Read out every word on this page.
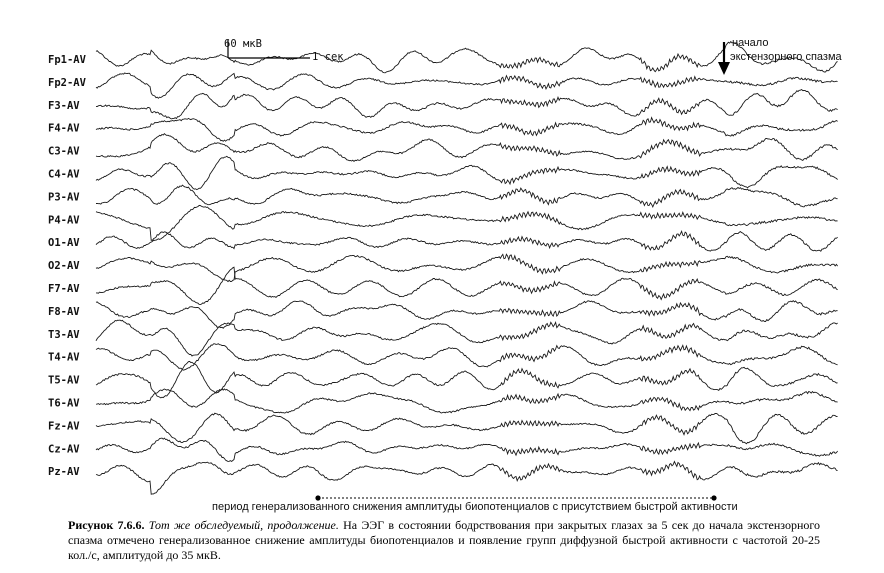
Fp1-AV
Fp2-AV
F3-AV
F4-AV
C3-AV
C4-AV
P3-AV
P4-AV
O1-AV
O2-AV
F7-AV
F8-AV
T3-AV
T4-AV
T5-AV
T6-AV
Fz-AV
Cz-AV
Pz-AV
60 мкВ
1 сек
начало
экстензорного спазма
период генерализованного снижения амплитуды биопотенциалов с присутствием быстрой активности
Рисунок 7.6.6. Тот же обследуемый, продолжение. На ЭЭГ в состоянии бодрствования при закрытых глазах за 5 сек до начала экстензорного спазма отмечено генерализованное снижение амплитуды биопотенциалов и появление групп диффузной быстрой активности с частотой 20-25 кол./с, амплитудой до 35 мкВ.
